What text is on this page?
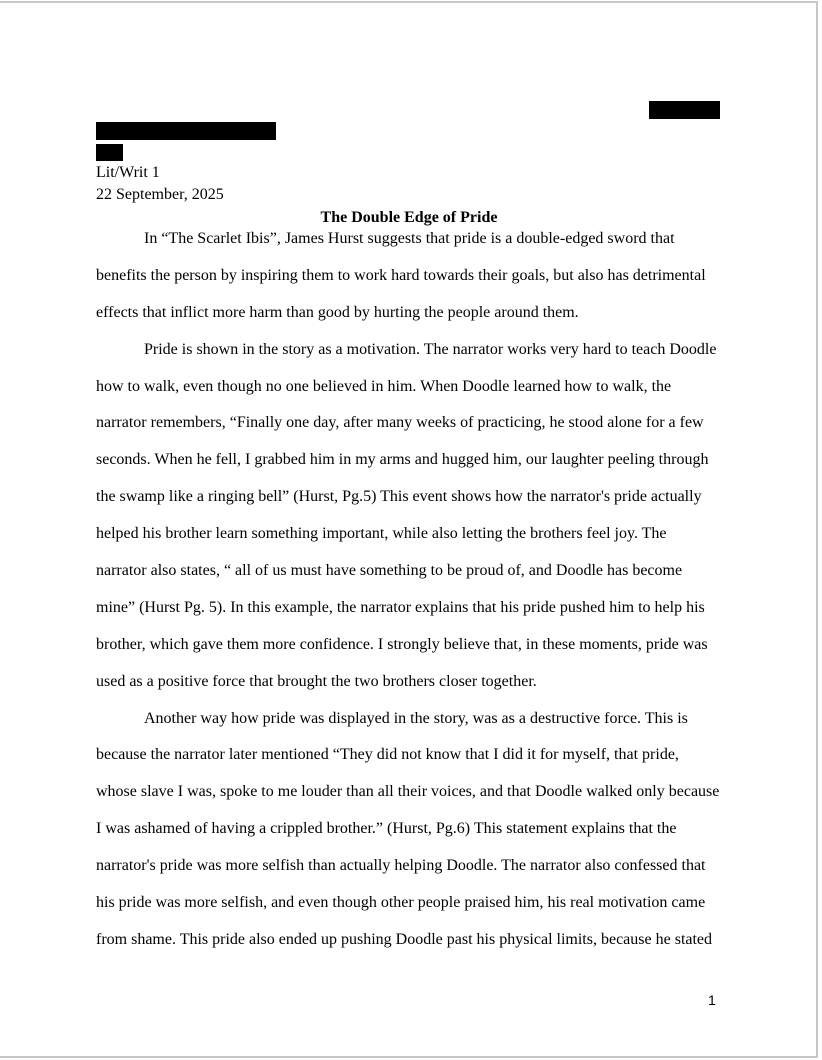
Lit/Writ 1
22 September, 2025
The Double Edge of Pride
In “The Scarlet Ibis”, James Hurst suggests that pride is a double-edged sword that
benefits the person by inspiring them to work hard towards their goals, but also has detrimental
effects that inflict more harm than good by hurting the people around them.
Pride is shown in the story as a motivation. The narrator works very hard to teach Doodle
how to walk, even though no one believed in him. When Doodle learned how to walk, the
narrator remembers, “Finally one day, after many weeks of practicing, he stood alone for a few
seconds. When he fell, I grabbed him in my arms and hugged him, our laughter peeling through
the swamp like a ringing bell” (Hurst, Pg.5) This event shows how the narrator's pride actually
helped his brother learn something important, while also letting the brothers feel joy. The
narrator also states, “ all of us must have something to be proud of, and Doodle has become
mine” (Hurst Pg. 5). In this example, the narrator explains that his pride pushed him to help his
brother, which gave them more confidence. I strongly believe that, in these moments, pride was
used as a positive force that brought the two brothers closer together.
Another way how pride was displayed in the story, was as a destructive force. This is
because the narrator later mentioned “They did not know that I did it for myself, that pride,
whose slave I was, spoke to me louder than all their voices, and that Doodle walked only because
I was ashamed of having a crippled brother.” (Hurst, Pg.6) This statement explains that the
narrator's pride was more selfish than actually helping Doodle. The narrator also confessed that
his pride was more selfish, and even though other people praised him, his real motivation came
from shame. This pride also ended up pushing Doodle past his physical limits, because he stated
1
